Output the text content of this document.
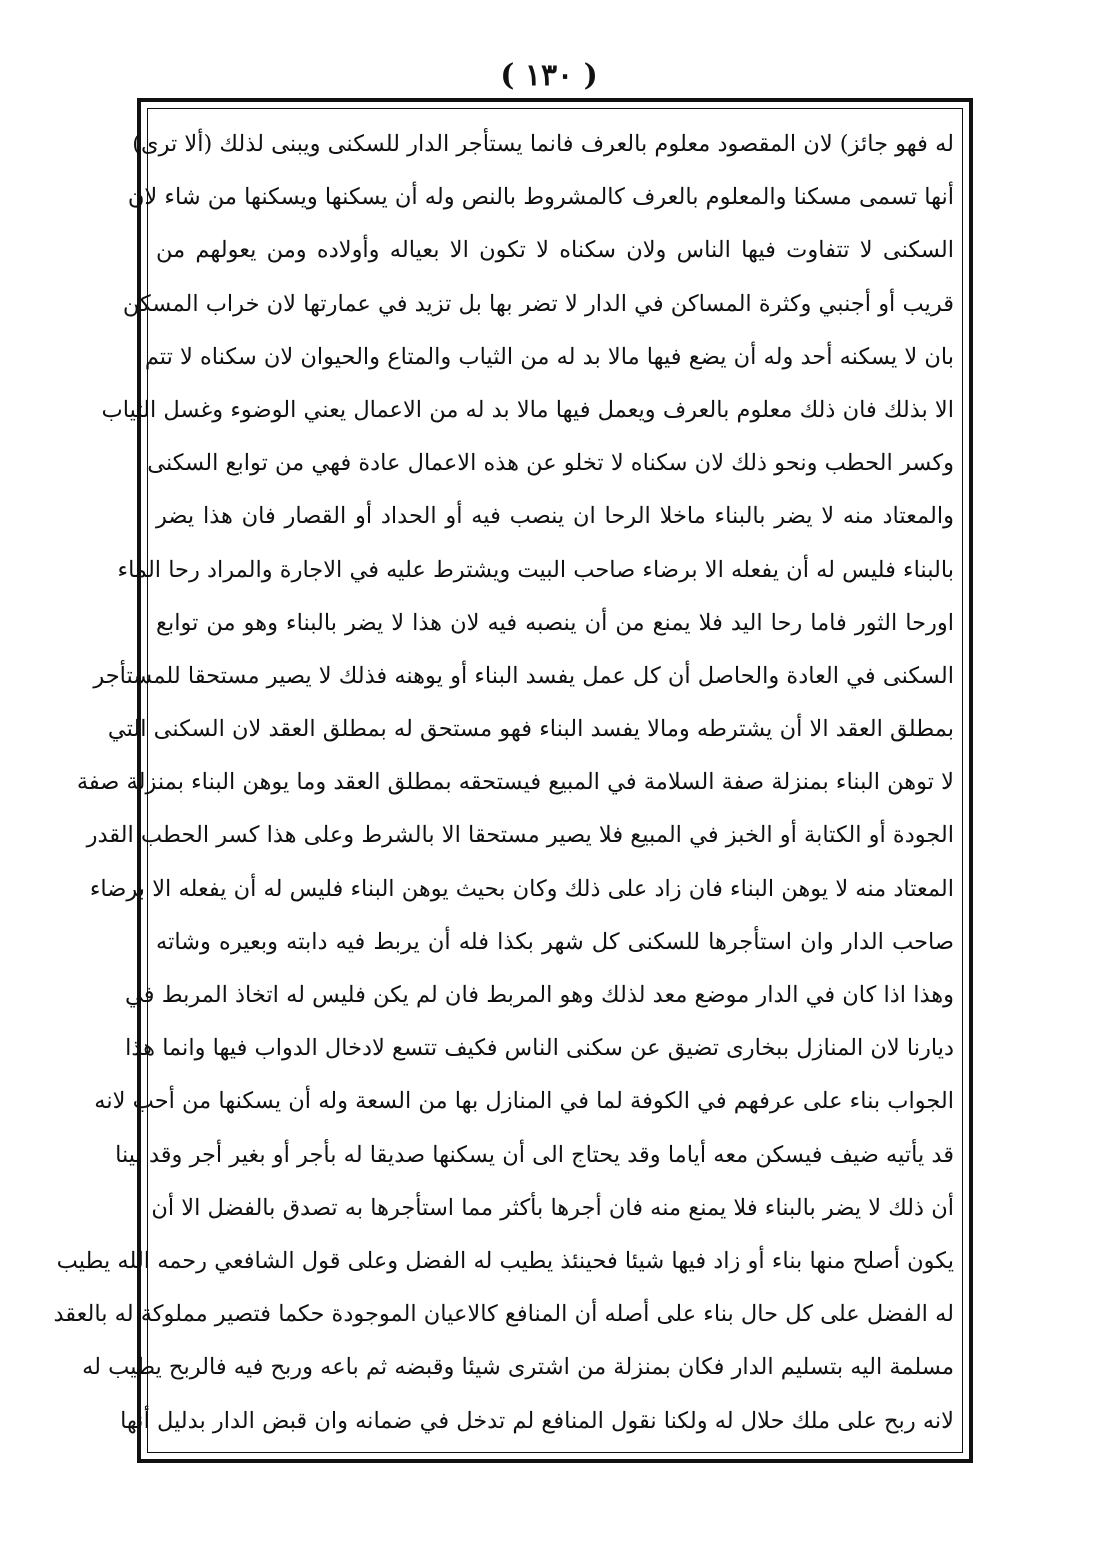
( ١٣٠ )
له فهو جائز) لان المقصود معلوم بالعرف فانما يستأجر الدار للسكنى ويبنى لذلك (ألا ترى)
أنها تسمى مسكنا والمعلوم بالعرف كالمشروط بالنص وله أن يسكنها ويسكنها من شاء لان
السكنى لا تتفاوت فيها الناس ولان سكناه لا تكون الا بعياله وأولاده ومن يعولهم من
قريب أو أجنبي وكثرة المساكن في الدار لا تضر بها بل تزيد في عمارتها لان خراب المسكن
بان لا يسكنه أحد وله أن يضع فيها مالا بد له من الثياب والمتاع والحيوان لان سكناه لا تتم
الا بذلك فان ذلك معلوم بالعرف ويعمل فيها مالا بد له من الاعمال يعني الوضوء وغسل الثياب
وكسر الحطب ونحو ذلك لان سكناه لا تخلو عن هذه الاعمال عادة فهي من توابع السكنى
والمعتاد منه لا يضر بالبناء ماخلا الرحا ان ينصب فيه أو الحداد أو القصار فان هذا يضر
بالبناء فليس له أن يفعله الا برضاء صاحب البيت ويشترط عليه في الاجارة والمراد رحا الماء
اورحا الثور فاما رحا اليد فلا يمنع من أن ينصبه فيه لان هذا لا يضر بالبناء وهو من توابع
السكنى في العادة والحاصل أن كل عمل يفسد البناء أو يوهنه فذلك لا يصير مستحقا للمستأجر
بمطلق العقد الا أن يشترطه ومالا يفسد البناء فهو مستحق له بمطلق العقد لان السكنى التي
لا توهن البناء بمنزلة صفة السلامة في المبيع فيستحقه بمطلق العقد وما يوهن البناء بمنزلة صفة
الجودة أو الكتابة أو الخبز في المبيع فلا يصير مستحقا الا بالشرط وعلى هذا كسر الحطب القدر
المعتاد منه لا يوهن البناء فان زاد على ذلك وكان بحيث يوهن البناء فليس له أن يفعله الا برضاء
صاحب الدار وان استأجرها للسكنى كل شهر بكذا فله أن يربط فيه دابته وبعيره وشاته
وهذا اذا كان في الدار موضع معد لذلك وهو المربط فان لم يكن فليس له اتخاذ المربط في
ديارنا لان المنازل ببخارى تضيق عن سكنى الناس فكيف تتسع لادخال الدواب فيها وانما هذا
الجواب بناء على عرفهم في الكوفة لما في المنازل بها من السعة وله أن يسكنها من أحب لانه
قد يأتيه ضيف فيسكن معه أياما وقد يحتاج الى أن يسكنها صديقا له بأجر أو بغير أجر وقد بينا
أن ذلك لا يضر بالبناء فلا يمنع منه فان أجرها بأكثر مما استأجرها به تصدق بالفضل الا أن
يكون أصلح منها بناء أو زاد فيها شيئا فحينئذ يطيب له الفضل وعلى قول الشافعي رحمه الله يطيب
له الفضل على كل حال بناء على أصله أن المنافع كالاعيان الموجودة حكما فتصير مملوكة له بالعقد
مسلمة اليه بتسليم الدار فكان بمنزلة من اشترى شيئا وقبضه ثم باعه وربح فيه فالربح يطيب له
لانه ربح على ملك حلال له ولكنا نقول المنافع لم تدخل في ضمانه وان قبض الدار بدليل أنها
